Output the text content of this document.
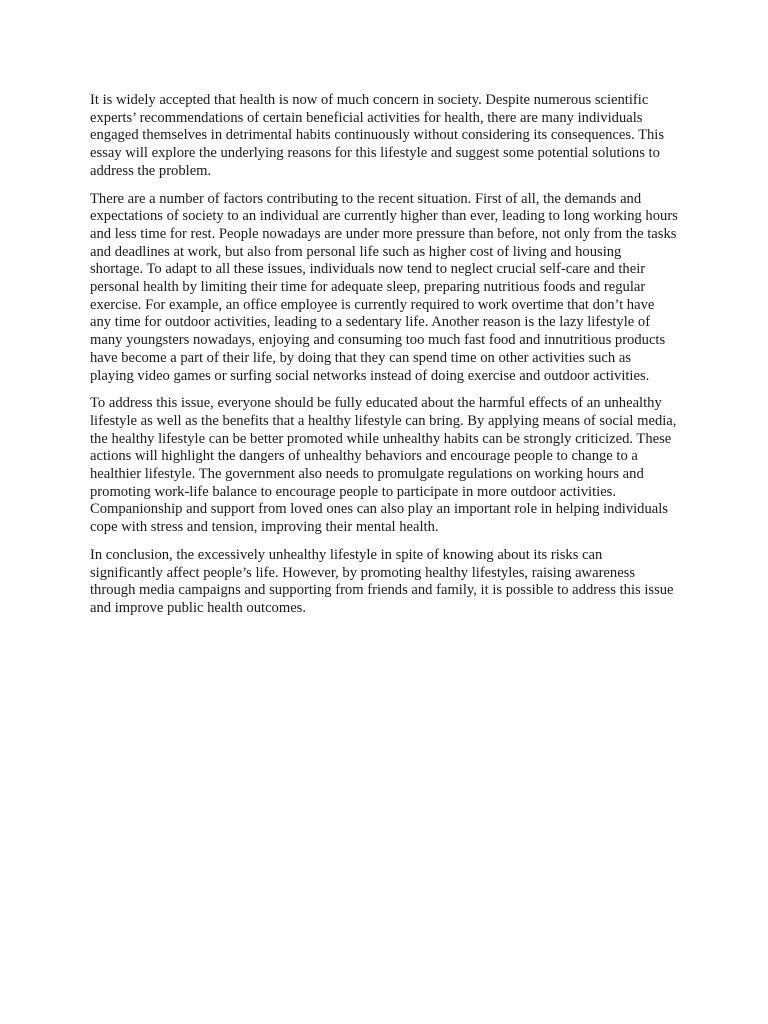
It is widely accepted that health is now of much concern in society. Despite numerous scientific experts’ recommendations of certain beneficial activities for health, there are many individuals engaged themselves in detrimental habits continuously without considering its consequences. This essay will explore the underlying reasons for this lifestyle and suggest some potential solutions to address the problem.

There are a number of factors contributing to the recent situation. First of all, the demands and expectations of society to an individual are currently higher than ever, leading to long working hours and less time for rest. People nowadays are under more pressure than before, not only from the tasks and deadlines at work, but also from personal life such as higher cost of living and housing shortage. To adapt to all these issues, individuals now tend to neglect crucial self-care and their personal health by limiting their time for adequate sleep, preparing nutritious foods and regular exercise. For example, an office employee is currently required to work overtime that don’t have any time for outdoor activities, leading to a sedentary life. Another reason is the lazy lifestyle of many youngsters nowadays, enjoying and consuming too much fast food and innutritious products have become a part of their life, by doing that they can spend time on other activities such as playing video games or surfing social networks instead of doing exercise and outdoor activities.

To address this issue, everyone should be fully educated about the harmful effects of an unhealthy lifestyle as well as the benefits that a healthy lifestyle can bring. By applying means of social media, the healthy lifestyle can be better promoted while unhealthy habits can be strongly criticized. These actions will highlight the dangers of unhealthy behaviors and encourage people to change to a healthier lifestyle. The government also needs to promulgate regulations on working hours and promoting work-life balance to encourage people to participate in more outdoor activities. Companionship and support from loved ones can also play an important role in helping individuals cope with stress and tension, improving their mental health.

In conclusion, the excessively unhealthy lifestyle in spite of knowing about its risks can significantly affect people’s life. However, by promoting healthy lifestyles, raising awareness through media campaigns and supporting from friends and family, it is possible to address this issue and improve public health outcomes.
